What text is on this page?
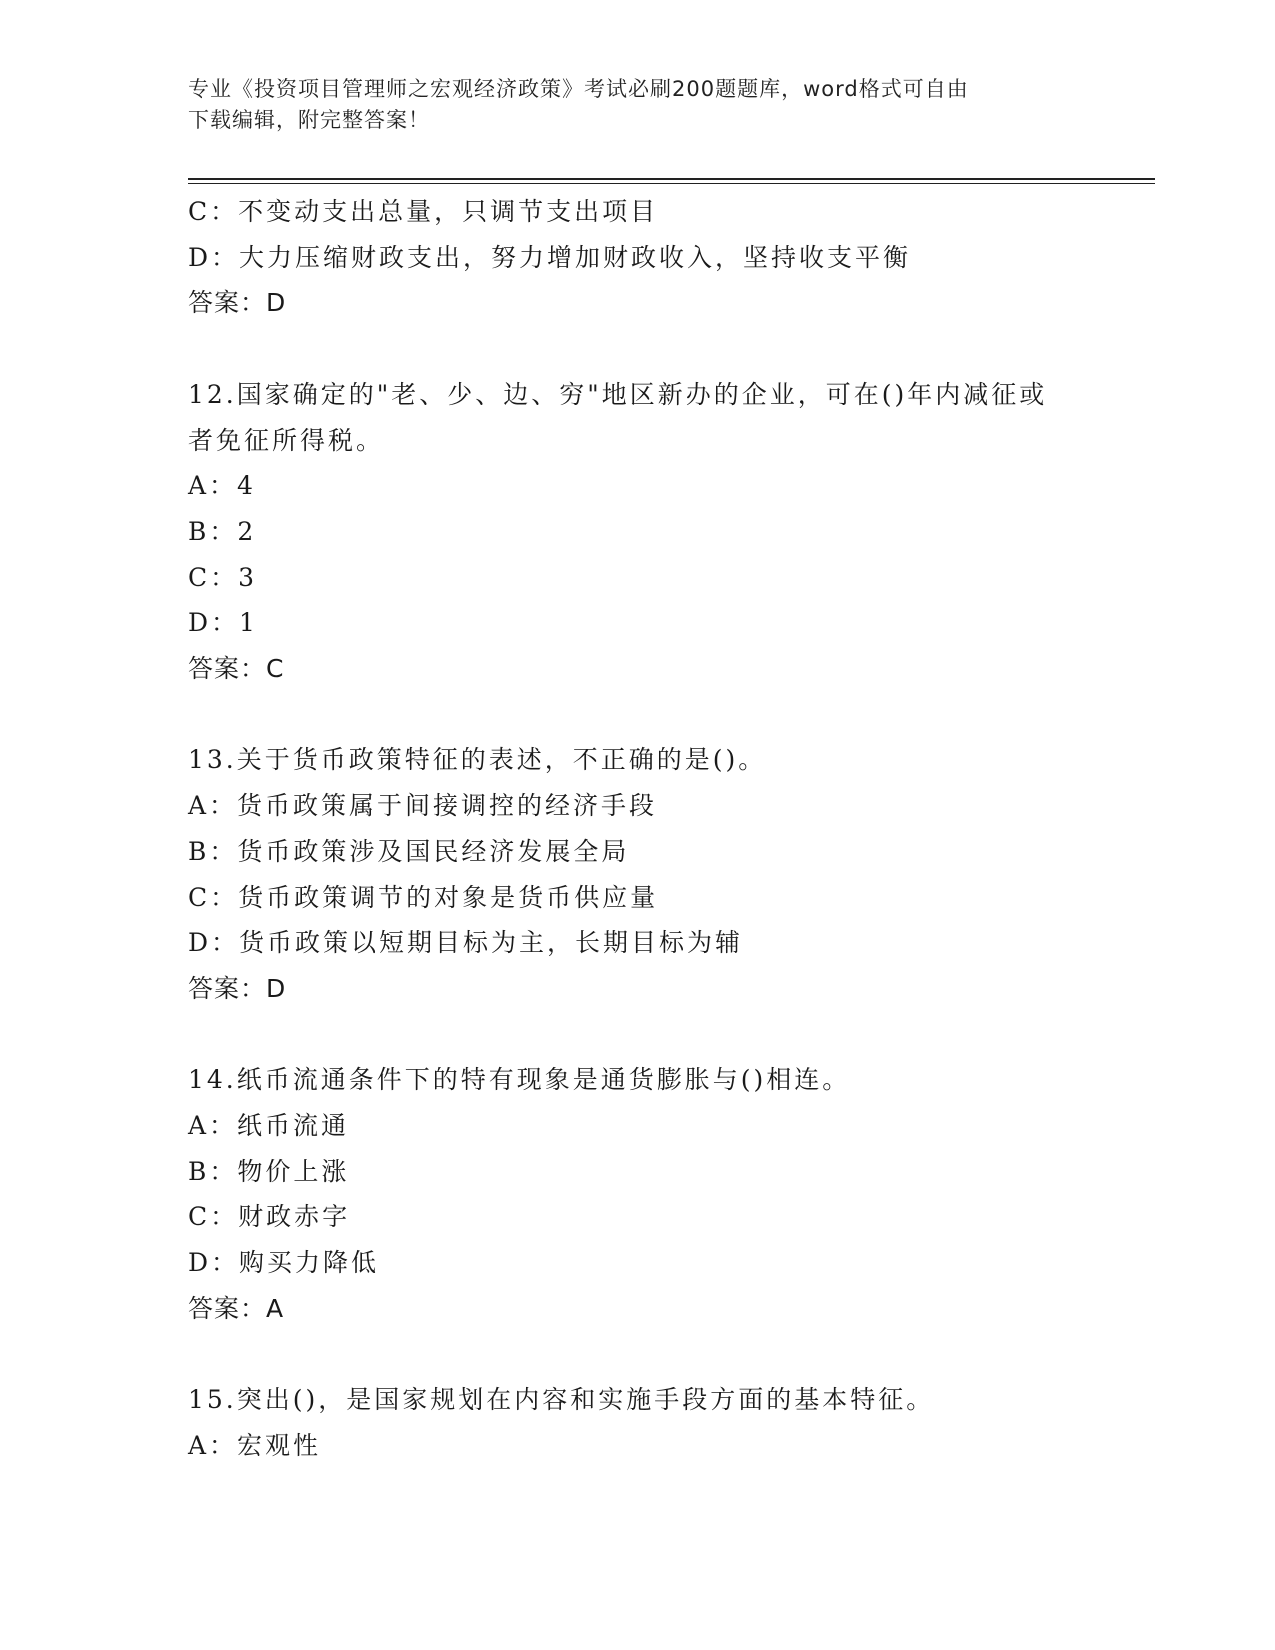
专业《投资项目管理师之宏观经济政策》考试必刷200题题库，word格式可自由
下载编辑，附完整答案！
C：不变动支出总量，只调节支出项目
D：大力压缩财政支出，努力增加财政收入，坚持收支平衡
答案：D
12.国家确定的"老、少、边、穷"地区新办的企业，可在()年内减征或者免征所得税。
A：4
B：2
C：3
D：1
答案：C
13.关于货币政策特征的表述，不正确的是()。
A：货币政策属于间接调控的经济手段
B：货币政策涉及国民经济发展全局
C：货币政策调节的对象是货币供应量
D：货币政策以短期目标为主，长期目标为辅
答案：D
14.纸币流通条件下的特有现象是通货膨胀与()相连。
A：纸币流通
B：物价上涨
C：财政赤字
D：购买力降低
答案：A
15.突出()，是国家规划在内容和实施手段方面的基本特征。
A：宏观性
